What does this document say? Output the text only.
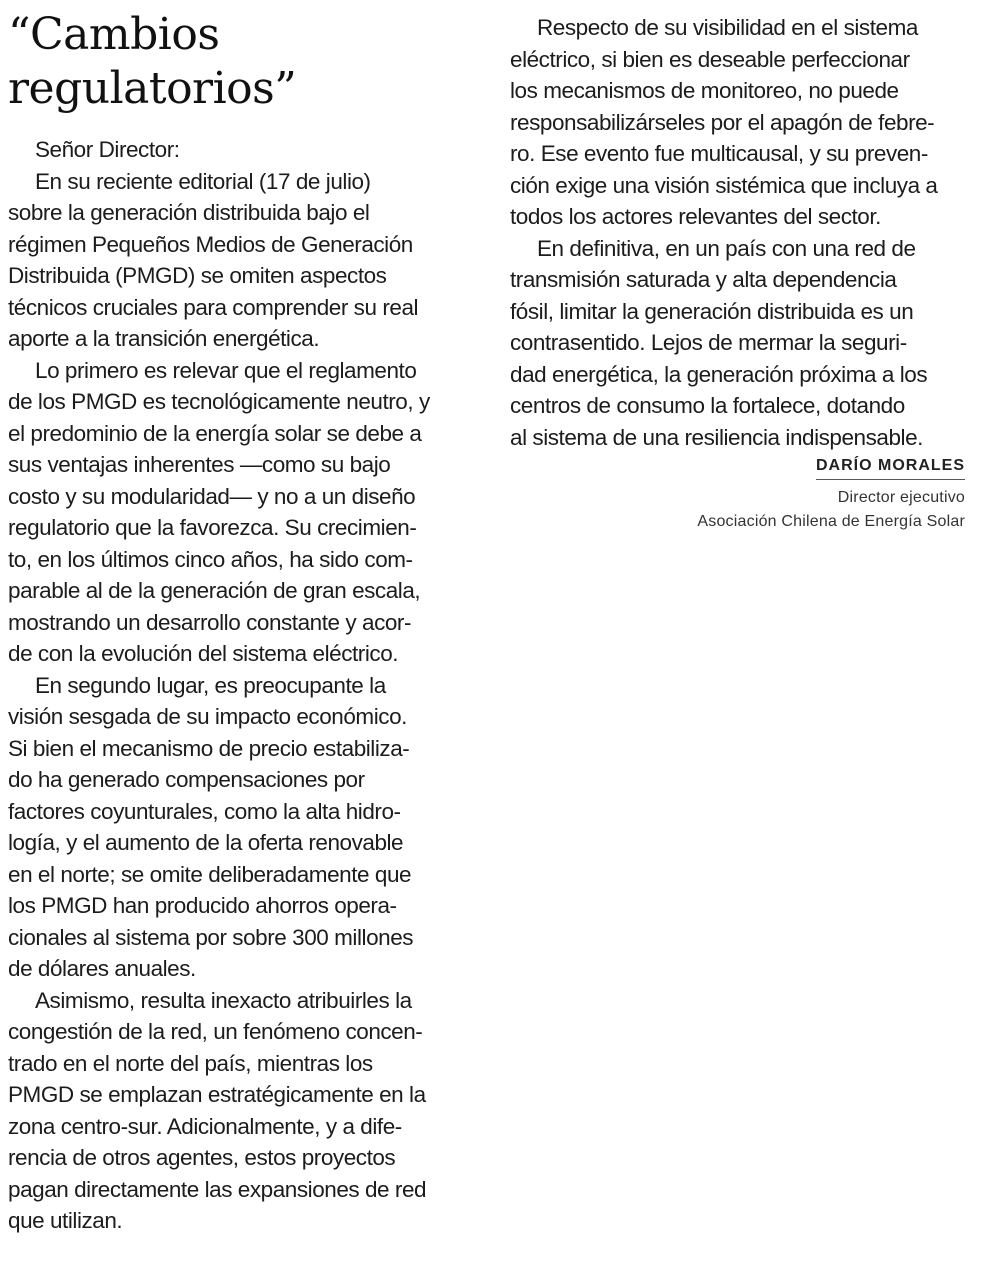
“Cambios
regulatorios”
Señor Director:
En su reciente editorial (17 de julio)
sobre la generación distribuida bajo el
régimen Pequeños Medios de Generación
Distribuida (PMGD) se omiten aspectos
técnicos cruciales para comprender su real
aporte a la transición energética.
Lo primero es relevar que el reglamento
de los PMGD es tecnológicamente neutro, y
el predominio de la energía solar se debe a
sus ventajas inherentes —como su bajo
costo y su modularidad— y no a un diseño
regulatorio que la favorezca. Su crecimien-
to, en los últimos cinco años, ha sido com-
parable al de la generación de gran escala,
mostrando un desarrollo constante y acor-
de con la evolución del sistema eléctrico.
En segundo lugar, es preocupante la
visión sesgada de su impacto económico.
Si bien el mecanismo de precio estabiliza-
do ha generado compensaciones por
factores coyunturales, como la alta hidro-
logía, y el aumento de la oferta renovable
en el norte; se omite deliberadamente que
los PMGD han producido ahorros opera-
cionales al sistema por sobre 300 millones
de dólares anuales.
Asimismo, resulta inexacto atribuirles la
congestión de la red, un fenómeno concen-
trado en el norte del país, mientras los
PMGD se emplazan estratégicamente en la
zona centro-sur. Adicionalmente, y a dife-
rencia de otros agentes, estos proyectos
pagan directamente las expansiones de red
que utilizan.
Respecto de su visibilidad en el sistema
eléctrico, si bien es deseable perfeccionar
los mecanismos de monitoreo, no puede
responsabilizárseles por el apagón de febre-
ro. Ese evento fue multicausal, y su preven-
ción exige una visión sistémica que incluya a
todos los actores relevantes del sector.
En definitiva, en un país con una red de
transmisión saturada y alta dependencia
fósil, limitar la generación distribuida es un
contrasentido. Lejos de mermar la seguri-
dad energética, la generación próxima a los
centros de consumo la fortalece, dotando
al sistema de una resiliencia indispensable.
DARÍO MORALES
Director ejecutivo
Asociación Chilena de Energía Solar
